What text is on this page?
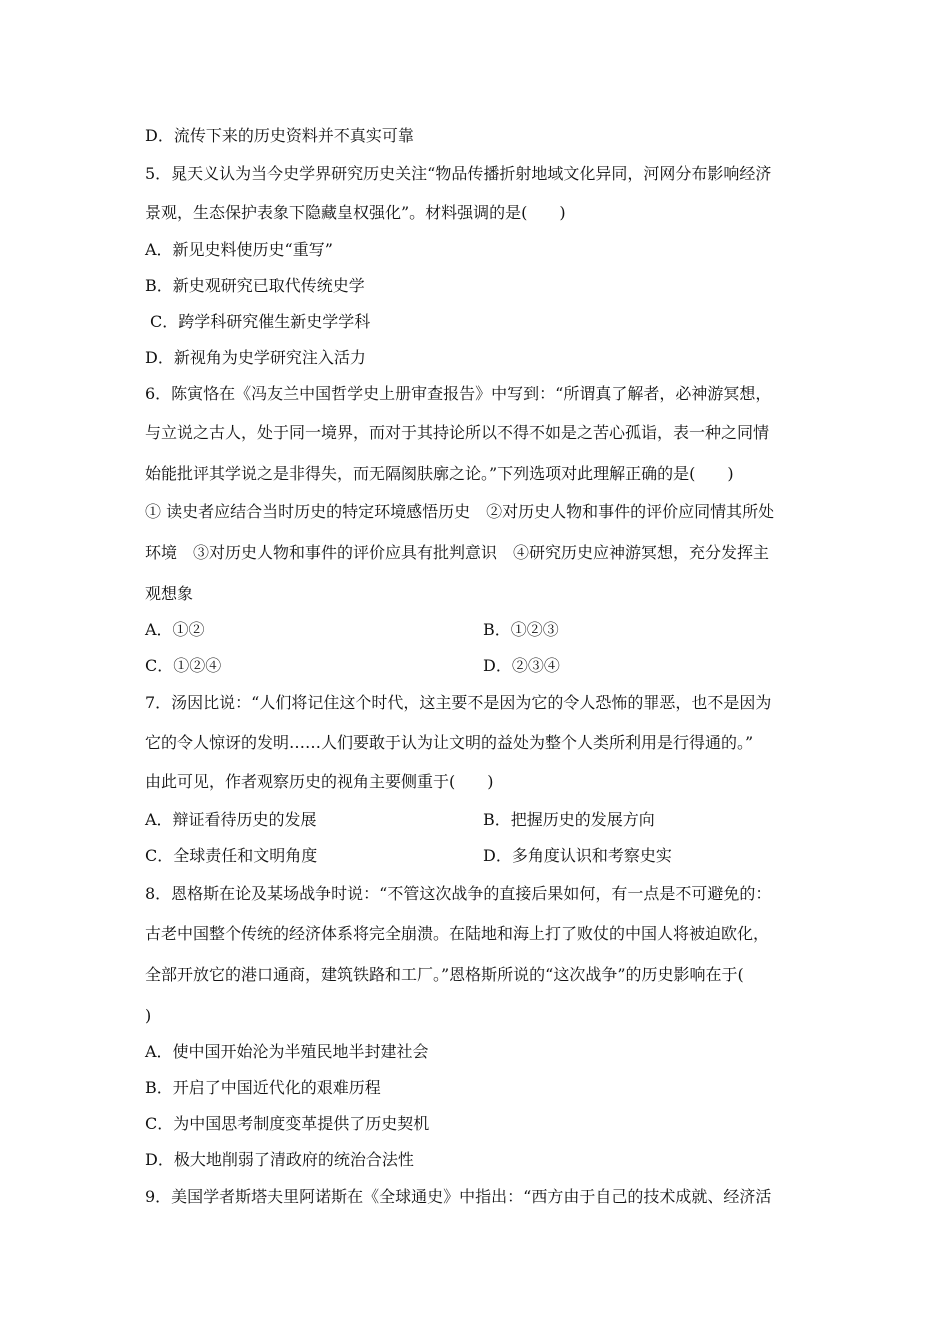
D．流传下来的历史资料并不真实可靠
5．晁天义认为当今史学界研究历史关注“物品传播折射地域文化异同，河网分布影响经济
景观，生态保护表象下隐藏皇权强化”。材料强调的是(　　)
A．新见史料使历史“重写”
B．新史观研究已取代传统史学
C．跨学科研究催生新史学学科
D．新视角为史学研究注入活力
6．陈寅恪在《冯友兰中国哲学史上册审查报告》中写到：“所谓真了解者，必神游冥想，
与立说之古人，处于同一境界，而对于其持论所以不得不如是之苦心孤诣，表一种之同情
始能批评其学说之是非得失，而无隔阂肤廓之论。”下列选项对此理解正确的是(　　)
① 读史者应结合当时历史的特定环境感悟历史　②对历史人物和事件的评价应同情其所处
环境　③对历史人物和事件的评价应具有批判意识　④研究历史应神游冥想，充分发挥主
观想象
A．①②	B．①②③
C．①②④	D．②③④
7．汤因比说：“人们将记住这个时代，这主要不是因为它的令人恐怖的罪恶，也不是因为
它的令人惊讶的发明……人们要敢于认为让文明的益处为整个人类所利用是行得通的。”
由此可见，作者观察历史的视角主要侧重于(　　)
A．辩证看待历史的发展	B．把握历史的发展方向
C．全球责任和文明角度	D．多角度认识和考察史实
8．恩格斯在论及某场战争时说：“不管这次战争的直接后果如何，有一点是不可避免的：
古老中国整个传统的经济体系将完全崩溃。在陆地和海上打了败仗的中国人将被迫欧化，
全部开放它的港口通商，建筑铁路和工厂。”恩格斯所说的“这次战争”的历史影响在于(
)
A．使中国开始沦为半殖民地半封建社会
B．开启了中国近代化的艰难历程
C．为中国思考制度变革提供了历史契机
D．极大地削弱了清政府的统治合法性
9．美国学者斯塔夫里阿诺斯在《全球通史》中指出：“西方由于自己的技术成就、经济活
